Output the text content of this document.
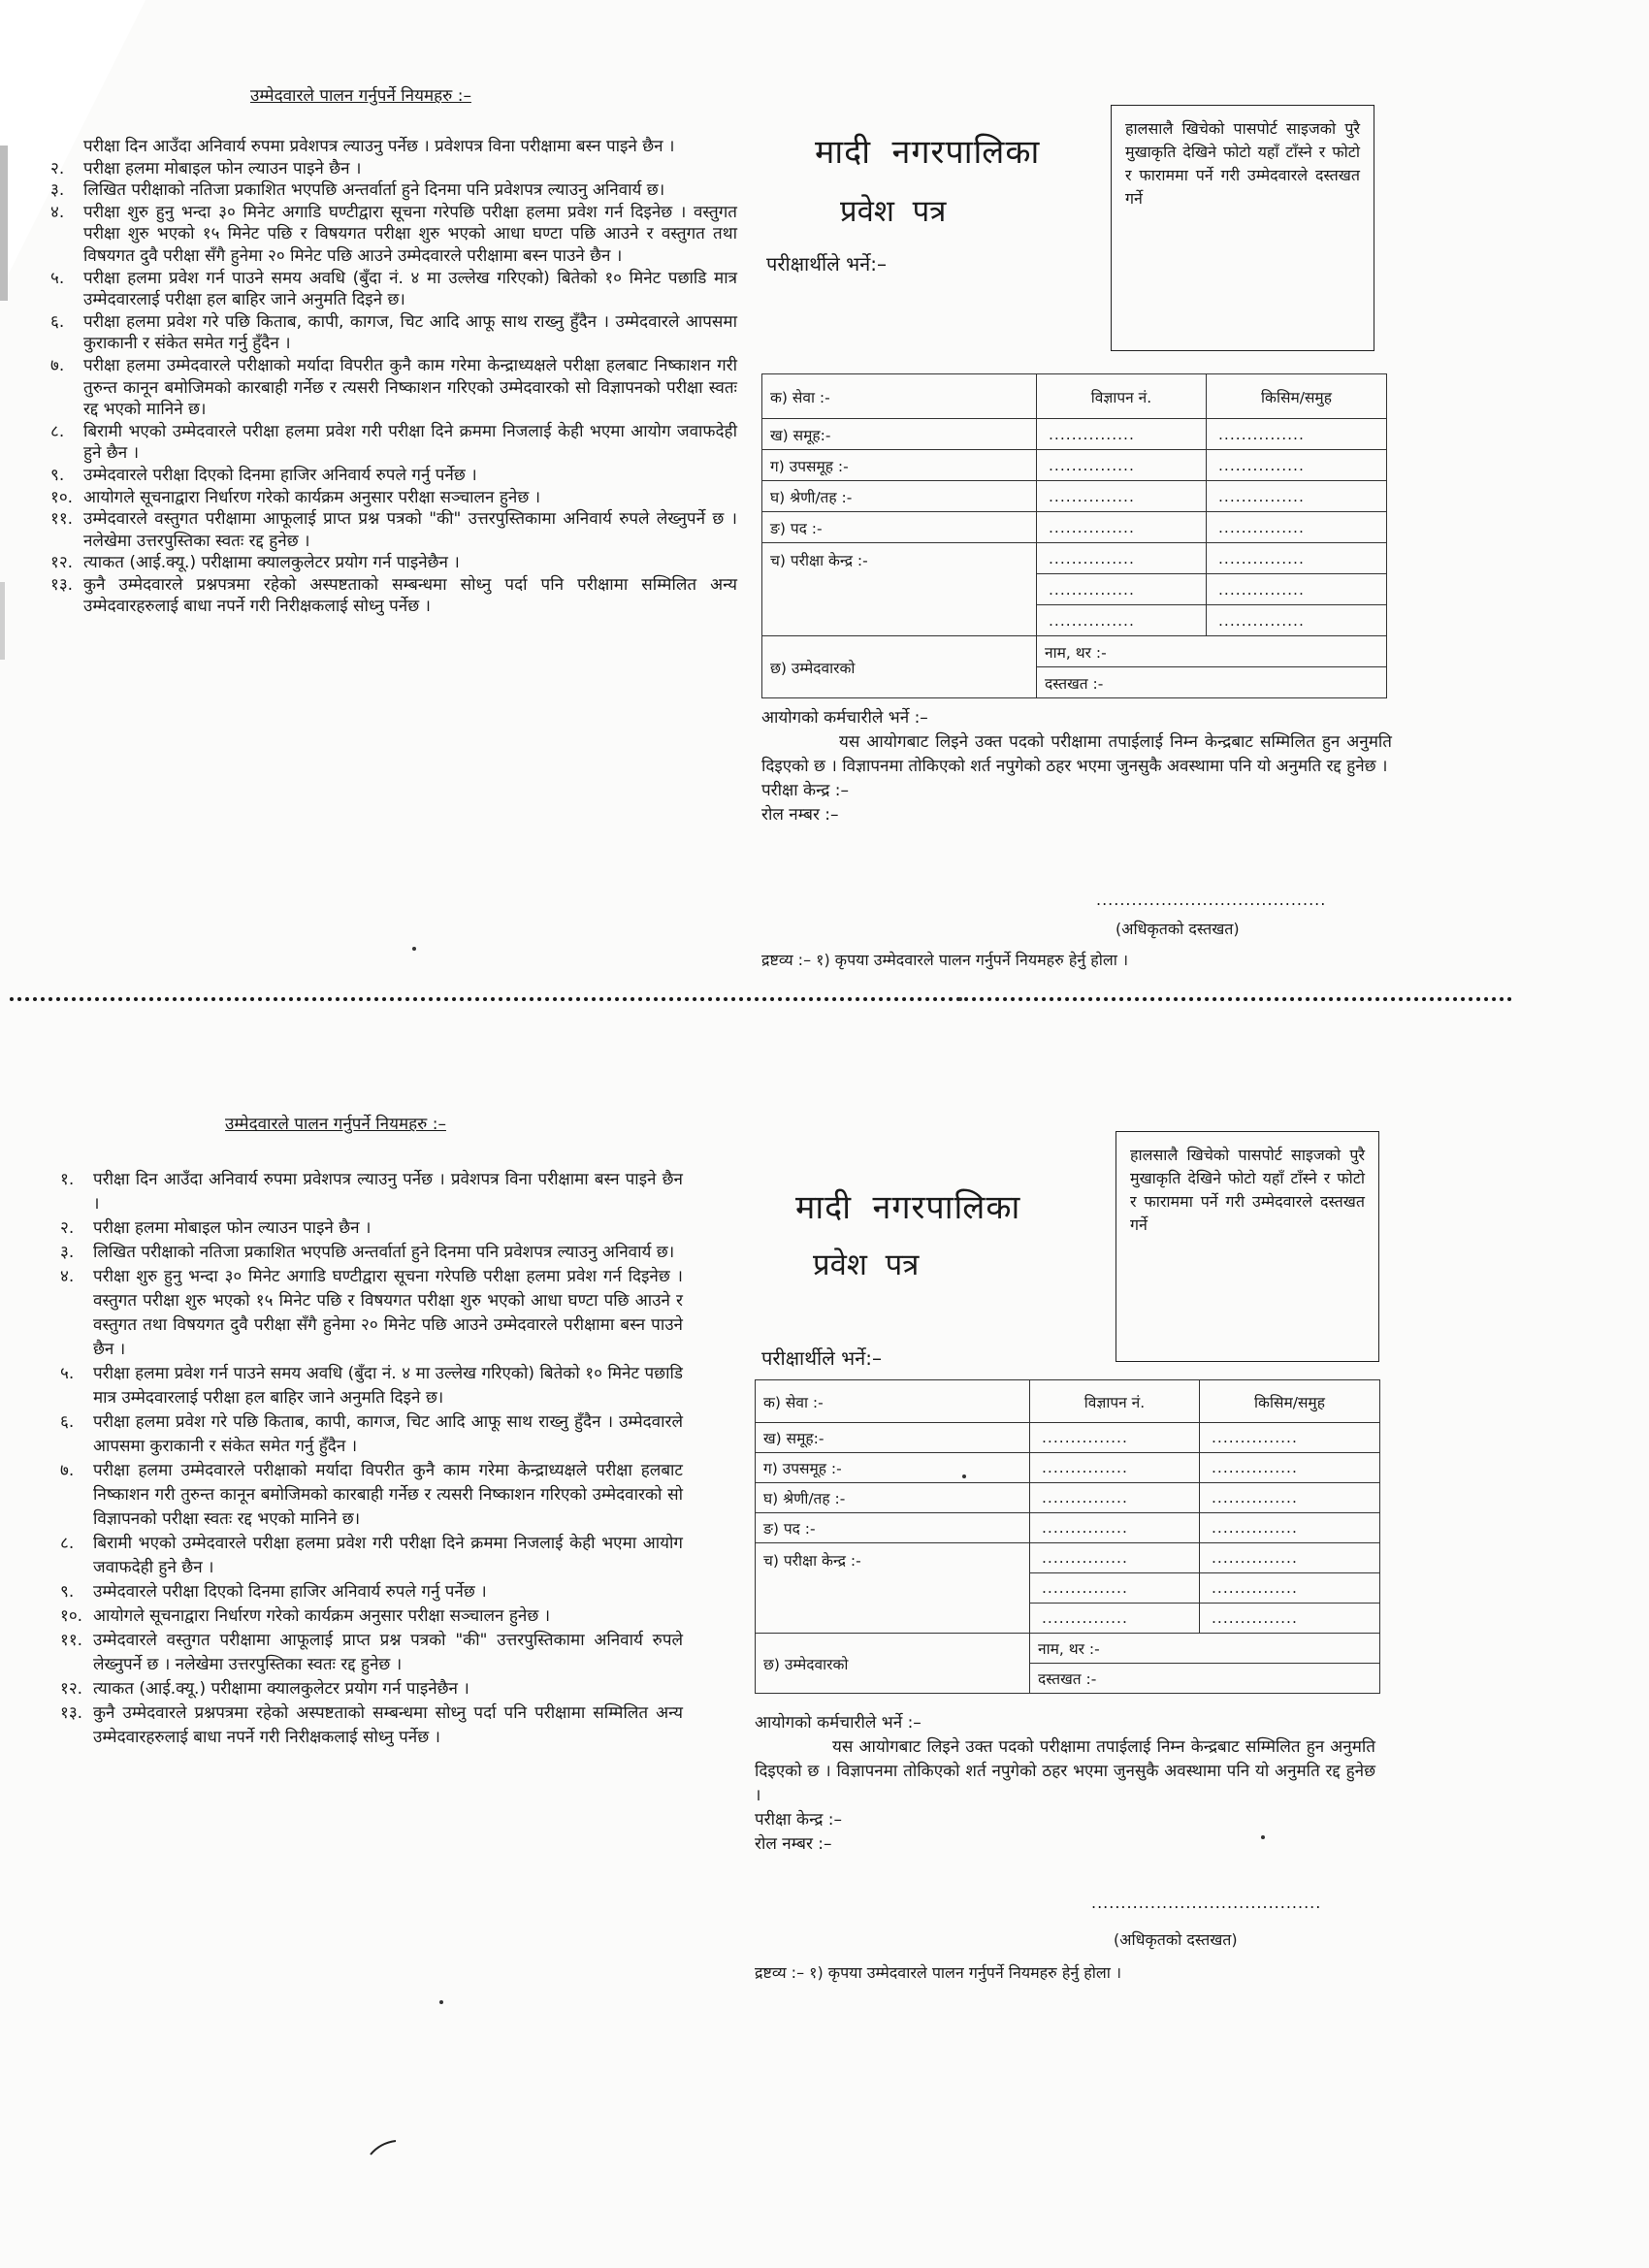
उम्मेदवारले पालन गर्नुपर्ने नियमहरु :–
परीक्षा दिन आउँदा अनिवार्य रुपमा प्रवेशपत्र ल्याउनु पर्नेछ । प्रवेशपत्र विना परीक्षामा बस्न पाइने छैन ।
२. परीक्षा हलमा मोबाइल फोन ल्याउन पाइने छैन ।
३. लिखित परीक्षाको नतिजा प्रकाशित भएपछि अन्तर्वार्ता हुने दिनमा पनि प्रवेशपत्र ल्याउनु अनिवार्य छ।
४. परीक्षा शुरु हुनु भन्दा ३० मिनेट अगाडि घण्टीद्वारा सूचना गरेपछि परीक्षा हलमा प्रवेश गर्न दिइनेछ । वस्तुगत परीक्षा शुरु भएको १५ मिनेट पछि र विषयगत परीक्षा शुरु भएको आधा घण्टा पछि आउने र वस्तुगत तथा विषयगत दुवै परीक्षा सँगै हुनेमा २० मिनेट पछि आउने उम्मेदवारले परीक्षामा बस्न पाउने छैन ।
५. परीक्षा हलमा प्रवेश गर्न पाउने समय अवधि (बुँदा नं. ४ मा उल्लेख गरिएको) बितेको १० मिनेट पछाडि मात्र उम्मेदवारलाई परीक्षा हल बाहिर जाने अनुमति दिइने छ।
६. परीक्षा हलमा प्रवेश गरे पछि किताब, कापी, कागज, चिट आदि आफू साथ राख्नु हुँदैन । उम्मेदवारले आपसमा कुराकानी र संकेत समेत गर्नु हुँदैन ।
७. परीक्षा हलमा उम्मेदवारले परीक्षाको मर्यादा विपरीत कुनै काम गरेमा केन्द्राध्यक्षले परीक्षा हलबाट निष्काशन गरी तुरुन्त कानून बमोजिमको कारबाही गर्नेछ र त्यसरी निष्काशन गरिएको उम्मेदवारको सो विज्ञापनको परीक्षा स्वतः रद्द भएको मानिने छ।
८. बिरामी भएको उम्मेदवारले परीक्षा हलमा प्रवेश गरी परीक्षा दिने क्रममा निजलाई केही भएमा आयोग जवाफदेही हुने छैन ।
९. उम्मेदवारले परीक्षा दिएको दिनमा हाजिर अनिवार्य रुपले गर्नु पर्नेछ ।
१०. आयोगले सूचनाद्वारा निर्धारण गरेको कार्यक्रम अनुसार परीक्षा सञ्चालन हुनेछ ।
११. उम्मेदवारले वस्तुगत परीक्षामा आफूलाई प्राप्त प्रश्न पत्रको "की" उत्तरपुस्तिकामा अनिवार्य रुपले लेख्नुपर्ने छ । नलेखेमा उत्तरपुस्तिका स्वतः रद्द हुनेछ ।
१२. त्याकत (आई.क्यू.) परीक्षामा क्यालकुलेटर प्रयोग गर्न पाइनेछैन ।
१३. कुनै उम्मेदवारले प्रश्नपत्रमा रहेको अस्पष्टताको सम्बन्धमा सोध्नु पर्दा पनि परीक्षामा सम्मिलित अन्य उम्मेदवारहरुलाई बाधा नपर्ने गरी निरीक्षकलाई सोध्नु पर्नेछ ।
मादी नगरपालिका
प्रवेश पत्र
परीक्षार्थीले भर्ने:–
हालसालै खिचेको पासपोर्ट साइजको पुरै मुखाकृति देखिने फोटो यहाँ टाँस्ने र फोटो र फाराममा पर्ने गरी उम्मेदवारले दस्तखत गर्ने
क) सेवा :-	विज्ञापन नं.	किसिम/समुह
ख) समूह:-	...............	...............
ग) उपसमूह :-	...............	...............
घ) श्रेणी/तह :-	...............	...............
ङ) पद :-	...............	...............
च) परीक्षा केन्द्र :-	...............	...............
	...............	...............
	...............	...............
छ) उम्मेदवारको	नाम, थर :-	
	दस्तखत :-	
आयोगको कर्मचारीले भर्ने :–
यस आयोगबाट लिइने उक्त पदको परीक्षामा तपाईलाई निम्न केन्द्रबाट सम्मिलित हुन अनुमति दिइएको छ । विज्ञापनमा तोकिएको शर्त नपुगेको ठहर भएमा जुनसुकै अवस्थामा पनि यो अनुमति रद्द हुनेछ ।
परीक्षा केन्द्र :–
रोल नम्बर :–
.......................................
(अधिकृतको दस्तखत)
द्रष्टव्य :– १) कृपया उम्मेदवारले पालन गर्नुपर्ने नियमहरु हेर्नु होला ।
उम्मेदवारले पालन गर्नुपर्ने नियमहरु :–
१. परीक्षा दिन आउँदा अनिवार्य रुपमा प्रवेशपत्र ल्याउनु पर्नेछ । प्रवेशपत्र विना परीक्षामा बस्न पाइने छैन ।
२. परीक्षा हलमा मोबाइल फोन ल्याउन पाइने छैन ।
३. लिखित परीक्षाको नतिजा प्रकाशित भएपछि अन्तर्वार्ता हुने दिनमा पनि प्रवेशपत्र ल्याउनु अनिवार्य छ।
४. परीक्षा शुरु हुनु भन्दा ३० मिनेट अगाडि घण्टीद्वारा सूचना गरेपछि परीक्षा हलमा प्रवेश गर्न दिइनेछ । वस्तुगत परीक्षा शुरु भएको १५ मिनेट पछि र विषयगत परीक्षा शुरु भएको आधा घण्टा पछि आउने र वस्तुगत तथा विषयगत दुवै परीक्षा सँगै हुनेमा २० मिनेट पछि आउने उम्मेदवारले परीक्षामा बस्न पाउने छैन ।
५. परीक्षा हलमा प्रवेश गर्न पाउने समय अवधि (बुँदा नं. ४ मा उल्लेख गरिएको) बितेको १० मिनेट पछाडि मात्र उम्मेदवारलाई परीक्षा हल बाहिर जाने अनुमति दिइने छ।
६. परीक्षा हलमा प्रवेश गरे पछि किताब, कापी, कागज, चिट आदि आफू साथ राख्नु हुँदैन । उम्मेदवारले आपसमा कुराकानी र संकेत समेत गर्नु हुँदैन ।
७. परीक्षा हलमा उम्मेदवारले परीक्षाको मर्यादा विपरीत कुनै काम गरेमा केन्द्राध्यक्षले परीक्षा हलबाट निष्काशन गरी तुरुन्त कानून बमोजिमको कारबाही गर्नेछ र त्यसरी निष्काशन गरिएको उम्मेदवारको सो विज्ञापनको परीक्षा स्वतः रद्द भएको मानिने छ।
८. बिरामी भएको उम्मेदवारले परीक्षा हलमा प्रवेश गरी परीक्षा दिने क्रममा निजलाई केही भएमा आयोग जवाफदेही हुने छैन ।
९. उम्मेदवारले परीक्षा दिएको दिनमा हाजिर अनिवार्य रुपले गर्नु पर्नेछ ।
१०. आयोगले सूचनाद्वारा निर्धारण गरेको कार्यक्रम अनुसार परीक्षा सञ्चालन हुनेछ ।
११. उम्मेदवारले वस्तुगत परीक्षामा आफूलाई प्राप्त प्रश्न पत्रको "की" उत्तरपुस्तिकामा अनिवार्य रुपले लेख्नुपर्ने छ । नलेखेमा उत्तरपुस्तिका स्वतः रद्द हुनेछ ।
१२. त्याकत (आई.क्यू.) परीक्षामा क्यालकुलेटर प्रयोग गर्न पाइनेछैन ।
१३. कुनै उम्मेदवारले प्रश्नपत्रमा रहेको अस्पष्टताको सम्बन्धमा सोध्नु पर्दा पनि परीक्षामा सम्मिलित अन्य उम्मेदवारहरुलाई बाधा नपर्ने गरी निरीक्षकलाई सोध्नु पर्नेछ ।
मादी नगरपालिका
प्रवेश पत्र
परीक्षार्थीले भर्ने:–
हालसालै खिचेको पासपोर्ट साइजको पुरै मुखाकृति देखिने फोटो यहाँ टाँस्ने र फोटो र फाराममा पर्ने गरी उम्मेदवारले दस्तखत गर्ने
क) सेवा :-	विज्ञापन नं.	किसिम/समुह
ख) समूह:-	...............	...............
ग) उपसमूह :-	...............	...............
घ) श्रेणी/तह :-	...............	...............
ङ) पद :-	...............	...............
च) परीक्षा केन्द्र :-	...............	...............
	...............	...............
	...............	...............
छ) उम्मेदवारको	नाम, थर :-	
	दस्तखत :-	
आयोगको कर्मचारीले भर्ने :–
यस आयोगबाट लिइने उक्त पदको परीक्षामा तपाईलाई निम्न केन्द्रबाट सम्मिलित हुन अनुमति दिइएको छ । विज्ञापनमा तोकिएको शर्त नपुगेको ठहर भएमा जुनसुकै अवस्थामा पनि यो अनुमति रद्द हुनेछ ।
परीक्षा केन्द्र :–
रोल नम्बर :–
.......................................
(अधिकृतको दस्तखत)
द्रष्टव्य :– १) कृपया उम्मेदवारले पालन गर्नुपर्ने नियमहरु हेर्नु होला ।
